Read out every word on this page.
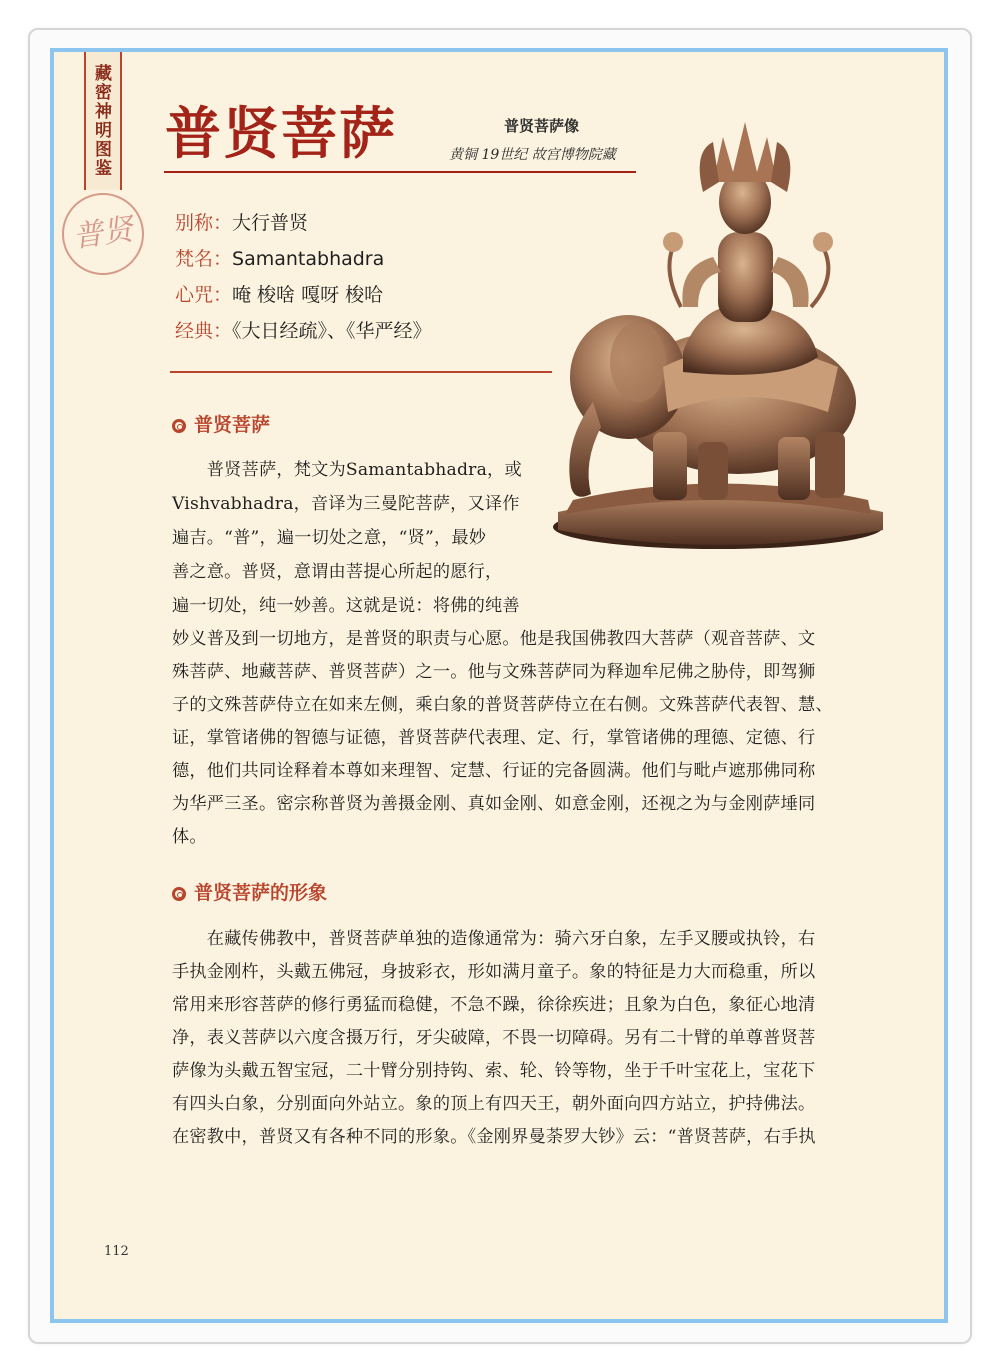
藏密神明图鉴
普贤
普贤菩萨	普贤菩萨像
黄铜 19世纪 故宫博物院藏
别称：大行普贤
梵名：Samantabhadra
心咒：唵 梭啥 嘎呀 梭哈
经典：《大日经疏》、《华严经》
普贤菩萨
　　普贤菩萨，梵文为Samantabhadra，或
Vishvabhadra，音译为三曼陀菩萨，又译作
遍吉。“普”，遍一切处之意，“贤”，最妙
善之意。普贤，意谓由菩提心所起的愿行，
遍一切处，纯一妙善。这就是说：将佛的纯善
妙义普及到一切地方，是普贤的职责与心愿。他是我国佛教四大菩萨（观音菩萨、文
殊菩萨、地藏菩萨、普贤菩萨）之一。他与文殊菩萨同为释迦牟尼佛之胁侍，即驾狮
子的文殊菩萨侍立在如来左侧，乘白象的普贤菩萨侍立在右侧。文殊菩萨代表智、慧、
证，掌管诸佛的智德与证德，普贤菩萨代表理、定、行，掌管诸佛的理德、定德、行
德，他们共同诠释着本尊如来理智、定慧、行证的完备圆满。他们与毗卢遮那佛同称
为华严三圣。密宗称普贤为善摄金刚、真如金刚、如意金刚，还视之为与金刚萨埵同
体。
普贤菩萨的形象
　　在藏传佛教中，普贤菩萨单独的造像通常为：骑六牙白象，左手叉腰或执铃，右
手执金刚杵，头戴五佛冠，身披彩衣，形如满月童子。象的特征是力大而稳重，所以
常用来形容菩萨的修行勇猛而稳健，不急不躁，徐徐疾进；且象为白色，象征心地清
净，表义菩萨以六度含摄万行，牙尖破障，不畏一切障碍。另有二十臂的单尊普贤菩
萨像为头戴五智宝冠，二十臂分别持钩、索、轮、铃等物，坐于千叶宝花上，宝花下
有四头白象，分别面向外站立。象的顶上有四天王，朝外面向四方站立，护持佛法。
在密教中，普贤又有各种不同的形象。《金刚界曼荼罗大钞》云：“普贤菩萨，右手执
112
